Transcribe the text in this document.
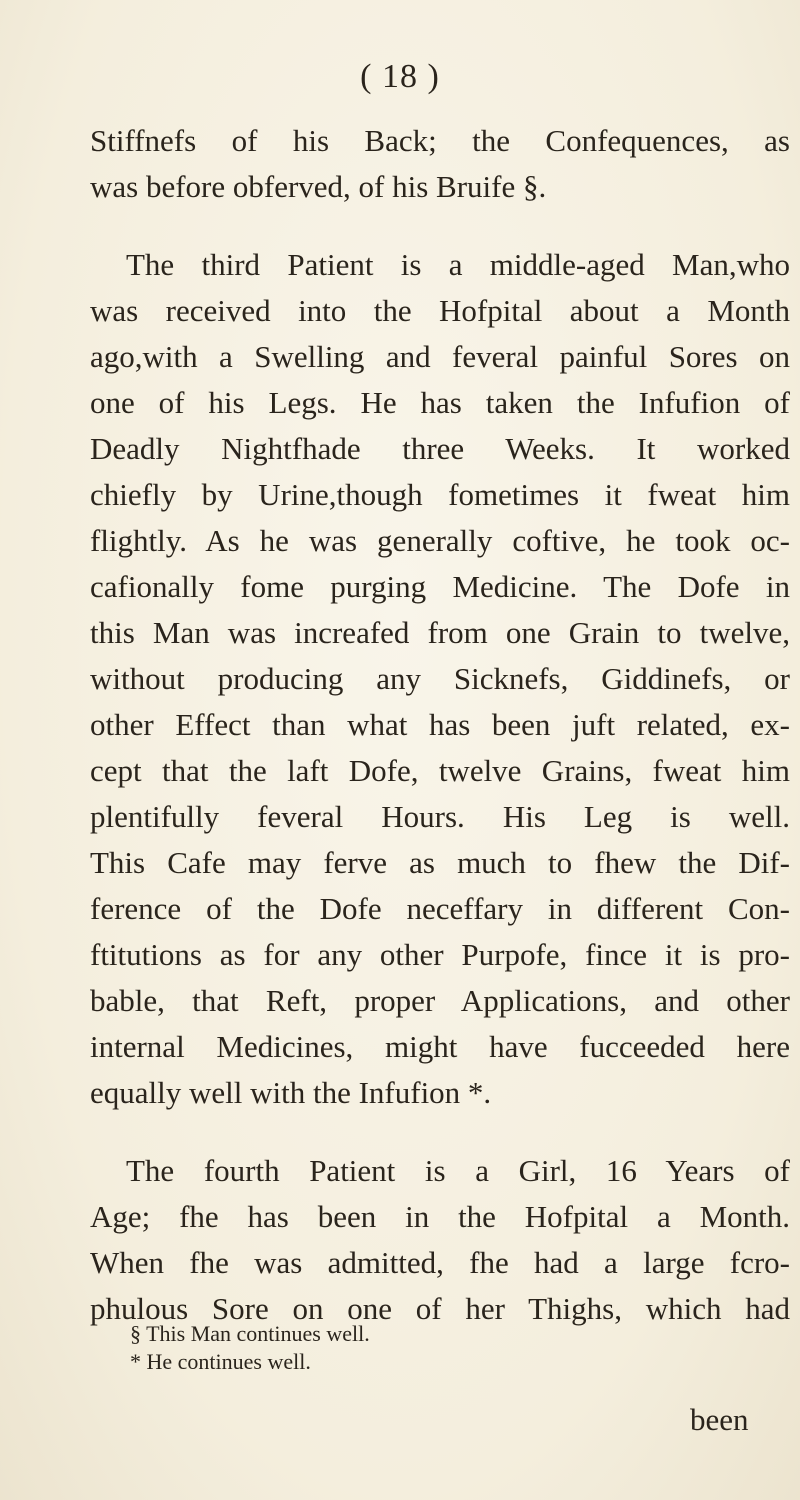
( 18 )
Stiffnefs of his Back; the Confequences, as
was before obferved, of his Bruife §.
The third Patient is a middle-aged Man,who
was received into the Hofpital about a Month
ago,with a Swelling and feveral painful Sores on
one of his Legs. He has taken the Infufion of
Deadly Nightfhade three Weeks. It worked
chiefly by Urine,though fometimes it fweat him
flightly. As he was generally coftive, he took oc-
cafionally fome purging Medicine. The Dofe in
this Man was increafed from one Grain to twelve,
without producing any Sicknefs, Giddinefs, or
other Effect than what has been juft related, ex-
cept that the laft Dofe, twelve Grains, fweat him
plentifully feveral Hours. His Leg is well.
This Cafe may ferve as much to fhew the Dif-
ference of the Dofe neceffary in different Con-
ftitutions as for any other Purpofe, fince it is pro-
bable, that Reft, proper Applications, and other
internal Medicines, might have fucceeded here
equally well with the Infufion *.
The fourth Patient is a Girl, 16 Years of
Age; fhe has been in the Hofpital a Month.
When fhe was admitted, fhe had a large fcro-
phulous Sore on one of her Thighs, which had
§ This Man continues well.
* He continues well.
been
